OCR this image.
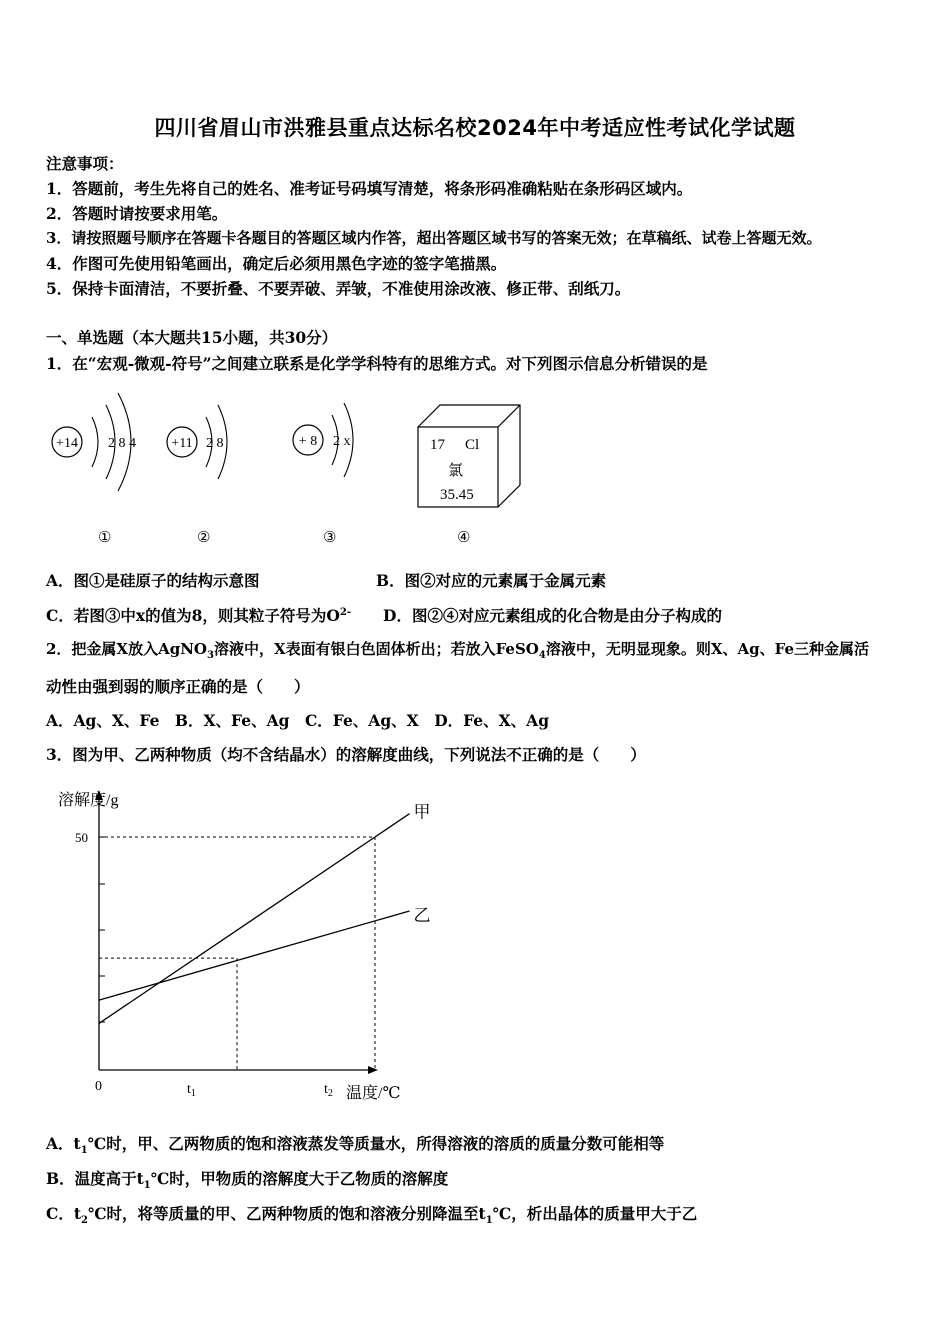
四川省眉山市洪雅县重点达标名校2024年中考适应性考试化学试题
注意事项：
1．答题前，考生先将自己的姓名、准考证号码填写清楚，将条形码准确粘贴在条形码区域内。
2．答题时请按要求用笔。
3．请按照题号顺序在答题卡各题目的答题区域内作答，超出答题区域书写的答案无效；在草稿纸、试卷上答题无效。
4．作图可先使用铅笔画出，确定后必须用黑色字迹的签字笔描黑。
5．保持卡面清洁，不要折叠、不要弄破、弄皱，不准使用涂改液、修正带、刮纸刀。
一、单选题（本大题共15小题，共30分）
1．在“宏观-微观-符号”之间建立联系是化学学科特有的思维方式。对下列图示信息分析错误的是
+14 2 8 4
①
+11 2 8
②
+ 8 2 x
③
17 Cl
氯
35.45
④
A．图①是硅原子的结构示意图	B．图②对应的元素属于金属元素
C．若图③中x的值为8，则其粒子符号为$O^{2-}$ D．图②④对应元素组成的化合物是由分子构成的
2．把金属X放入AgNO$_3$溶液中，X表面有银白色固体析出；若放入FeSO$_4$溶液中，无明显现象。则X、Ag、Fe三种金属活
动性由强到弱的顺序正确的是（　　）
A．Ag、X、Fe　B．X、Fe、Ag　C．Fe、Ag、X　D．Fe、X、Ag
3．图为甲、乙两种物质（均不含结晶水）的溶解度曲线，下列说法不正确的是（　　）
溶解度/g
温度/℃
50
0	$t_1$	$t_2$
甲
乙
A．$t_1℃$时，甲、乙两物质的饱和溶液蒸发等质量水，所得溶液的溶质的质量分数可能相等
B．温度高于$t_1℃$时，甲物质的溶解度大于乙物质的溶解度
C．$t_2℃$时，将等质量的甲、乙两种物质的饱和溶液分别降温至$t_1℃$，析出晶体的质量甲大于乙
